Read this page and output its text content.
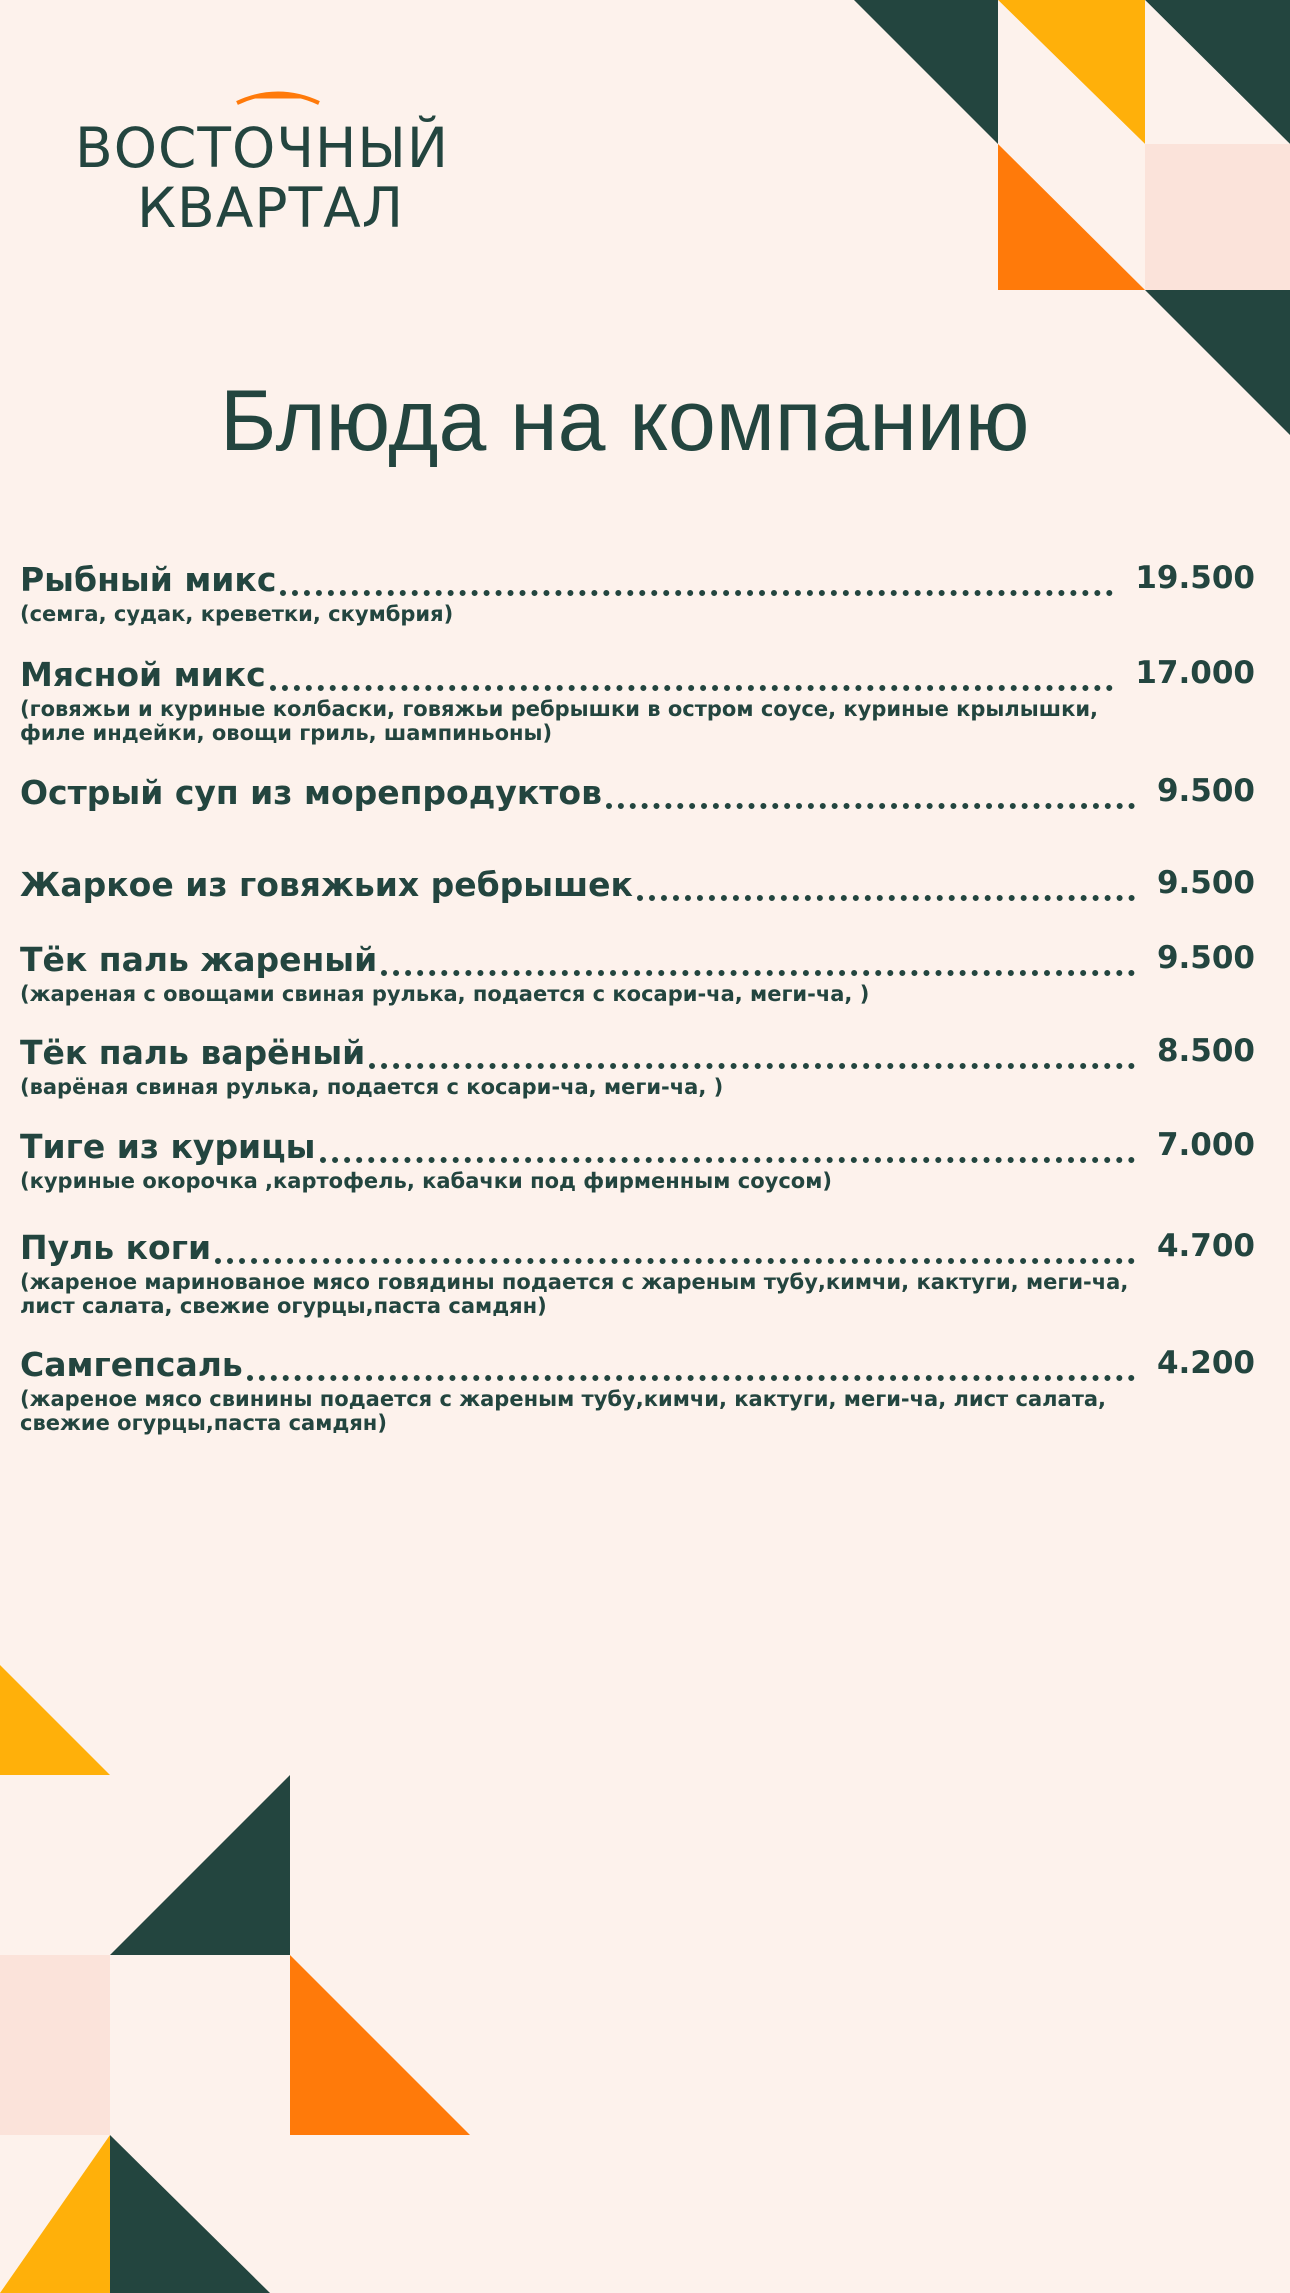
ВОСТОЧНЫЙ
КВАРТАЛ
Блюда на компанию
Рыбный микс	19.500
(семга, судак, креветки, скумбрия)
Мясной микс	17.000
(говяжьи и куриные колбаски, говяжьи ребрышки в остром соусе, куриные крылышки, филе индейки, овощи гриль, шампиньоны)
Острый суп из морепродуктов	9.500
Жаркое из говяжьих ребрышек	9.500
Тёк паль жареный	9.500
(жареная с овощами свиная рулька, подается с косари-ча, меги-ча, )
Тёк паль варёный	8.500
(варёная свиная рулька, подается с косари-ча, меги-ча, )
Тиге из курицы	7.000
(куриные окорочка ,картофель, кабачки под фирменным соусом)
Пуль коги	4.700
(жареное маринованое мясо говядины подается с жареным тубу,кимчи, кактуги, меги-ча, лист салата, свежие огурцы,паста самдян)
Самгепсаль	4.200
(жареное мясо свинины подается с жареным тубу,кимчи, кактуги, меги-ча, лист салата, свежие огурцы,паста самдян)
